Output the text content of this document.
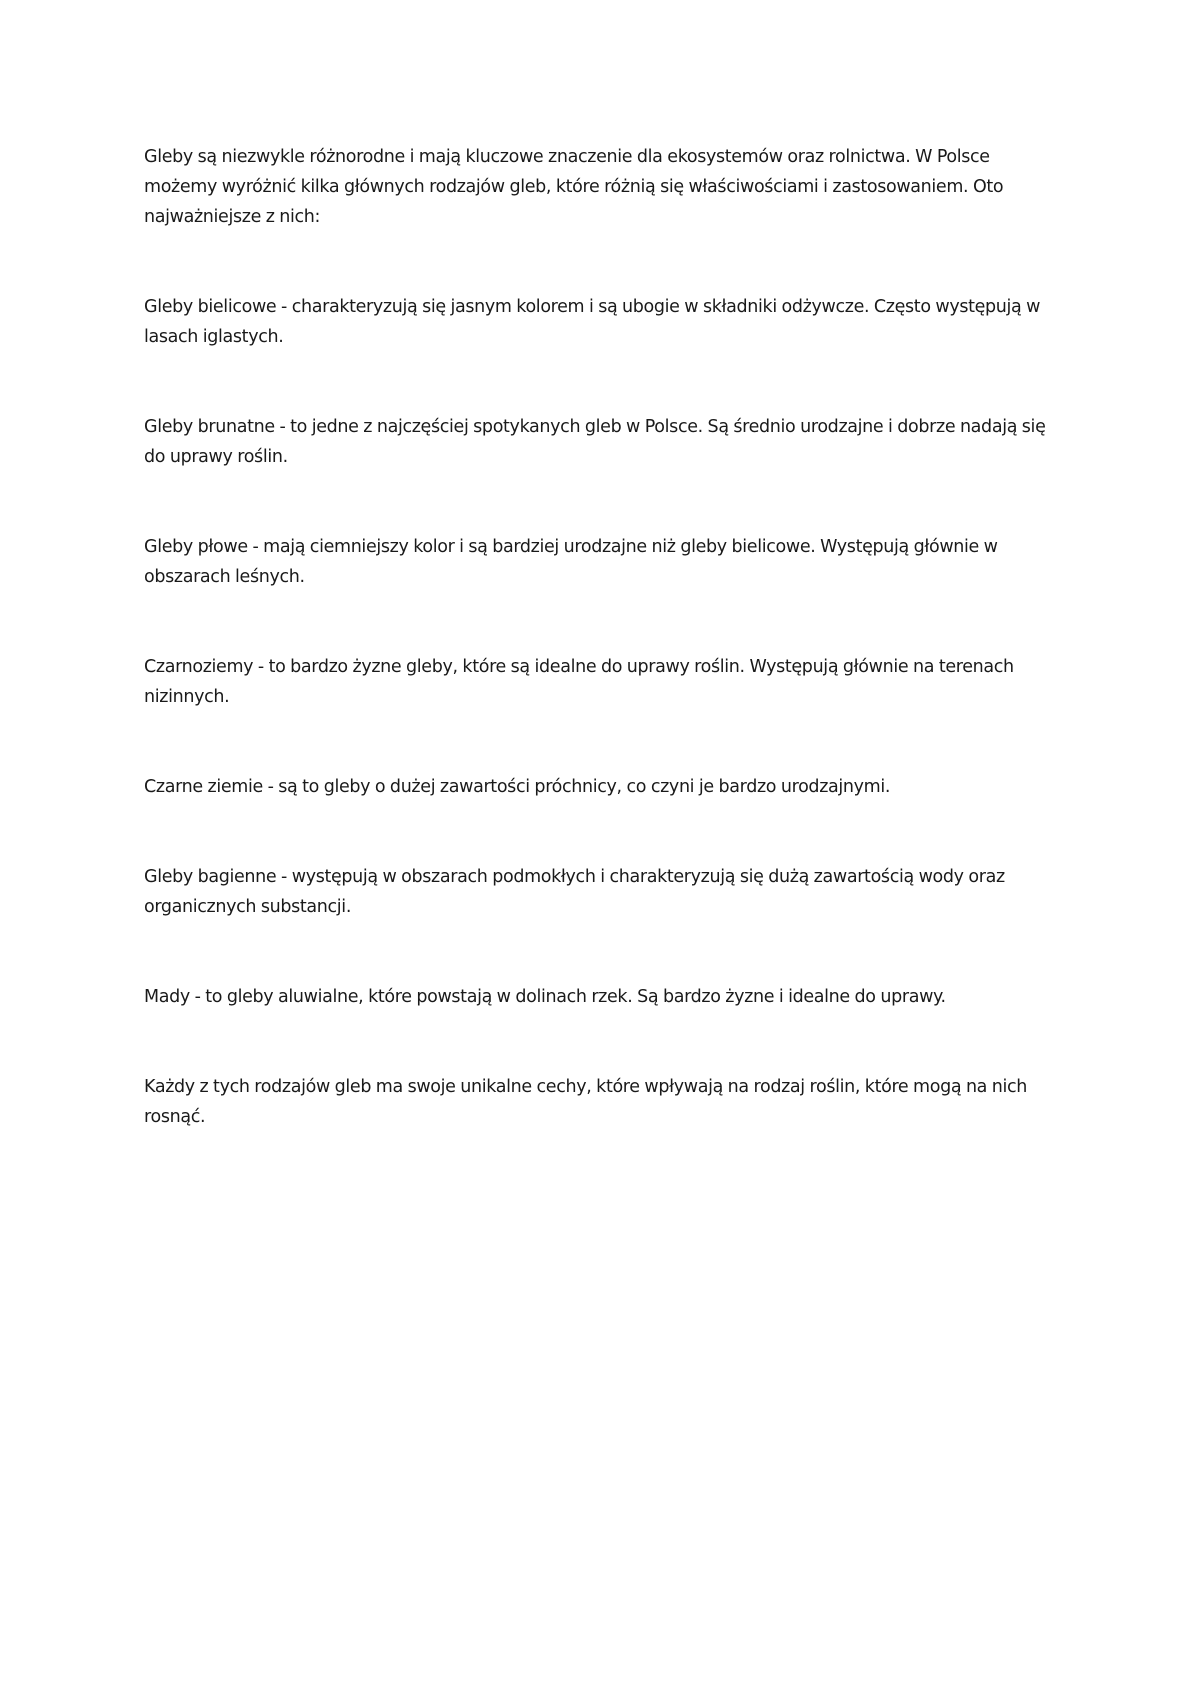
Gleby są niezwykle różnorodne i mają kluczowe znaczenie dla ekosystemów oraz rolnictwa. W Polsce możemy wyróżnić kilka głównych rodzajów gleb, które różnią się właściwościami i zastosowaniem. Oto najważniejsze z nich:

Gleby bielicowe - charakteryzują się jasnym kolorem i są ubogie w składniki odżywcze. Często występują w lasach iglastych.

Gleby brunatne - to jedne z najczęściej spotykanych gleb w Polsce. Są średnio urodzajne i dobrze nadają się do uprawy roślin.

Gleby płowe - mają ciemniejszy kolor i są bardziej urodzajne niż gleby bielicowe. Występują głównie w obszarach leśnych.

Czarnoziemy - to bardzo żyzne gleby, które są idealne do uprawy roślin. Występują głównie na terenach nizinnych.

Czarne ziemie - są to gleby o dużej zawartości próchnicy, co czyni je bardzo urodzajnymi.

Gleby bagienne - występują w obszarach podmokłych i charakteryzują się dużą zawartością wody oraz organicznych substancji.

Mady - to gleby aluwialne, które powstają w dolinach rzek. Są bardzo żyzne i idealne do uprawy.

Każdy z tych rodzajów gleb ma swoje unikalne cechy, które wpływają na rodzaj roślin, które mogą na nich rosnąć.
